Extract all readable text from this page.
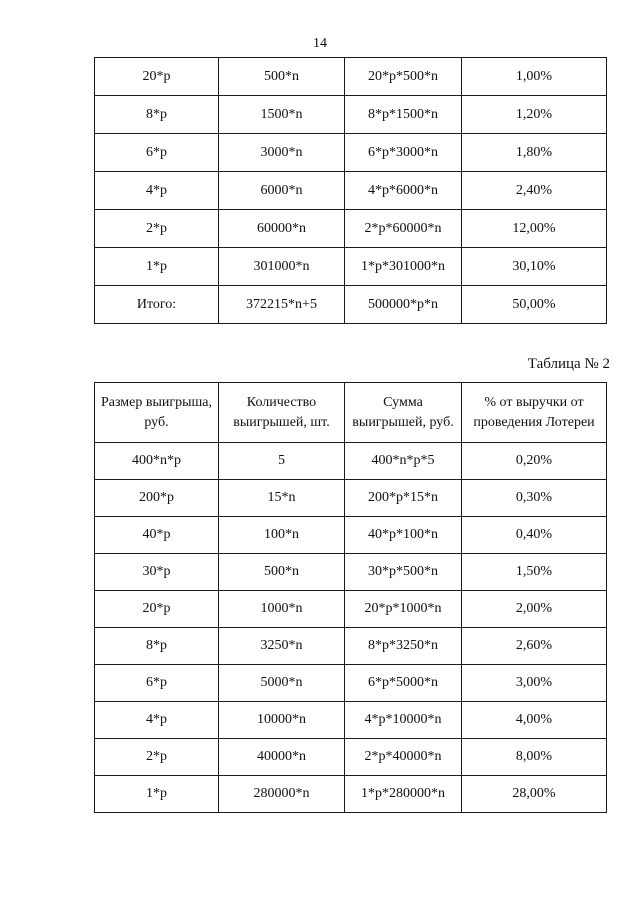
14
20*p	500*n	20*p*500*n	1,00%
8*p	1500*n	8*p*1500*n	1,20%
6*p	3000*n	6*p*3000*n	1,80%
4*p	6000*n	4*p*6000*n	2,40%
2*p	60000*n	2*p*60000*n	12,00%
1*p	301000*n	1*p*301000*n	30,10%
Итого:	372215*n+5	500000*p*n	50,00%
Таблица № 2
Размер выигрыша, руб.	Количество выигрышей, шт.	Сумма выигрышей, руб.	% от выручки от проведения Лотереи
400*n*p	5	400*n*p*5	0,20%
200*p	15*n	200*p*15*n	0,30%
40*p	100*n	40*p*100*n	0,40%
30*p	500*n	30*p*500*n	1,50%
20*p	1000*n	20*p*1000*n	2,00%
8*p	3250*n	8*p*3250*n	2,60%
6*p	5000*n	6*p*5000*n	3,00%
4*p	10000*n	4*p*10000*n	4,00%
2*p	40000*n	2*p*40000*n	8,00%
1*p	280000*n	1*p*280000*n	28,00%
